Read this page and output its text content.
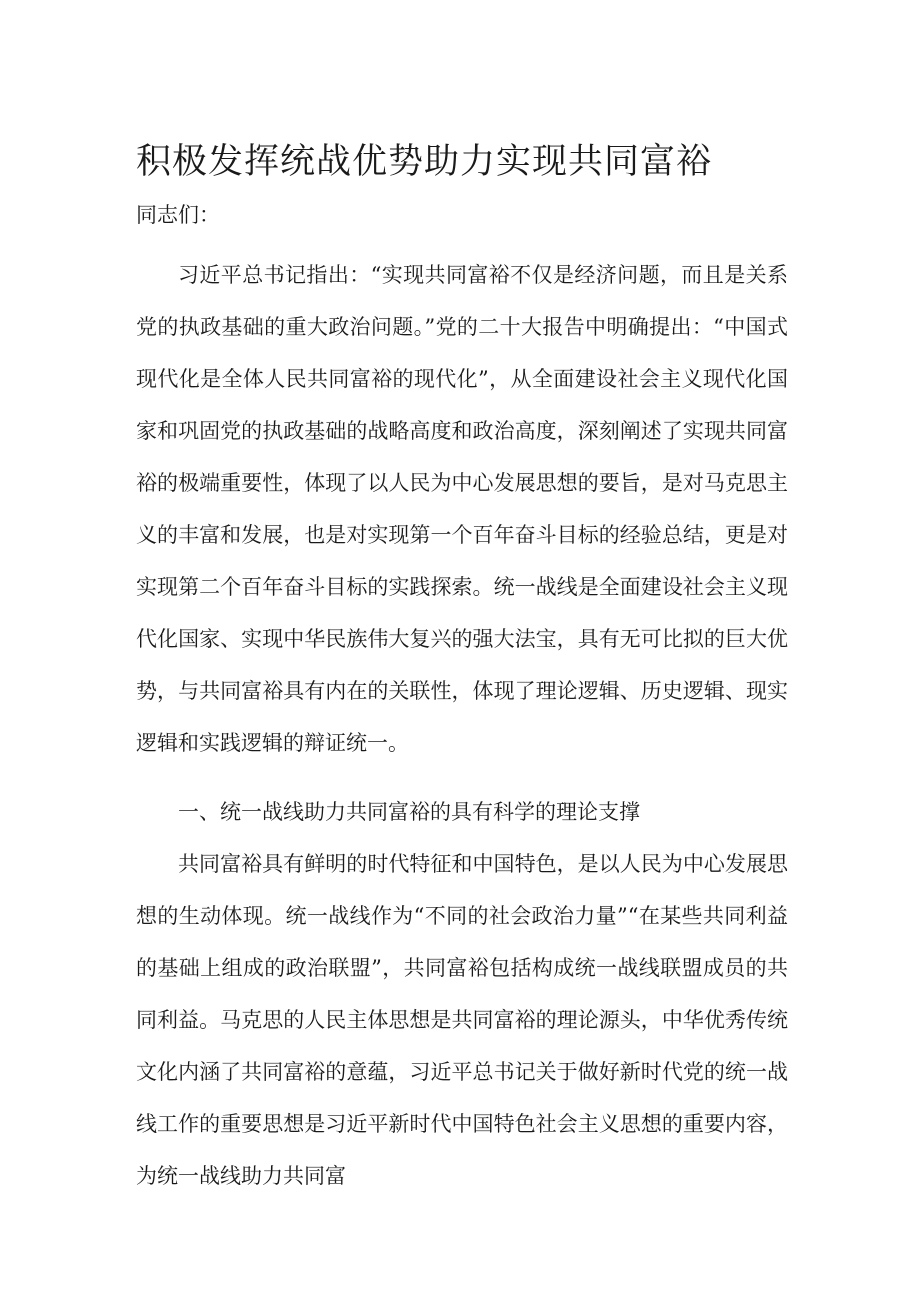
积极发挥统战优势助力实现共同富裕

同志们：

习近平总书记指出：“实现共同富裕不仅是经济问题，而且是关系党的执政基础的重大政治问题。”党的二十大报告中明确提出：“中国式现代化是全体人民共同富裕的现代化”，从全面建设社会主义现代化国家和巩固党的执政基础的战略高度和政治高度，深刻阐述了实现共同富裕的极端重要性，体现了以人民为中心发展思想的要旨，是对马克思主义的丰富和发展，也是对实现第一个百年奋斗目标的经验总结，更是对实现第二个百年奋斗目标的实践探索。统一战线是全面建设社会主义现代化国家、实现中华民族伟大复兴的强大法宝，具有无可比拟的巨大优势，与共同富裕具有内在的关联性，体现了理论逻辑、历史逻辑、现实逻辑和实践逻辑的辩证统一。

一、统一战线助力共同富裕的具有科学的理论支撑

共同富裕具有鲜明的时代特征和中国特色，是以人民为中心发展思想的生动体现。统一战线作为“不同的社会政治力量”“在某些共同利益的基础上组成的政治联盟”，共同富裕包括构成统一战线联盟成员的共同利益。马克思的人民主体思想是共同富裕的理论源头，中华优秀传统文化内涵了共同富裕的意蕴，习近平总书记关于做好新时代党的统一战线工作的重要思想是习近平新时代中国特色社会主义思想的重要内容，为统一战线助力共同富
